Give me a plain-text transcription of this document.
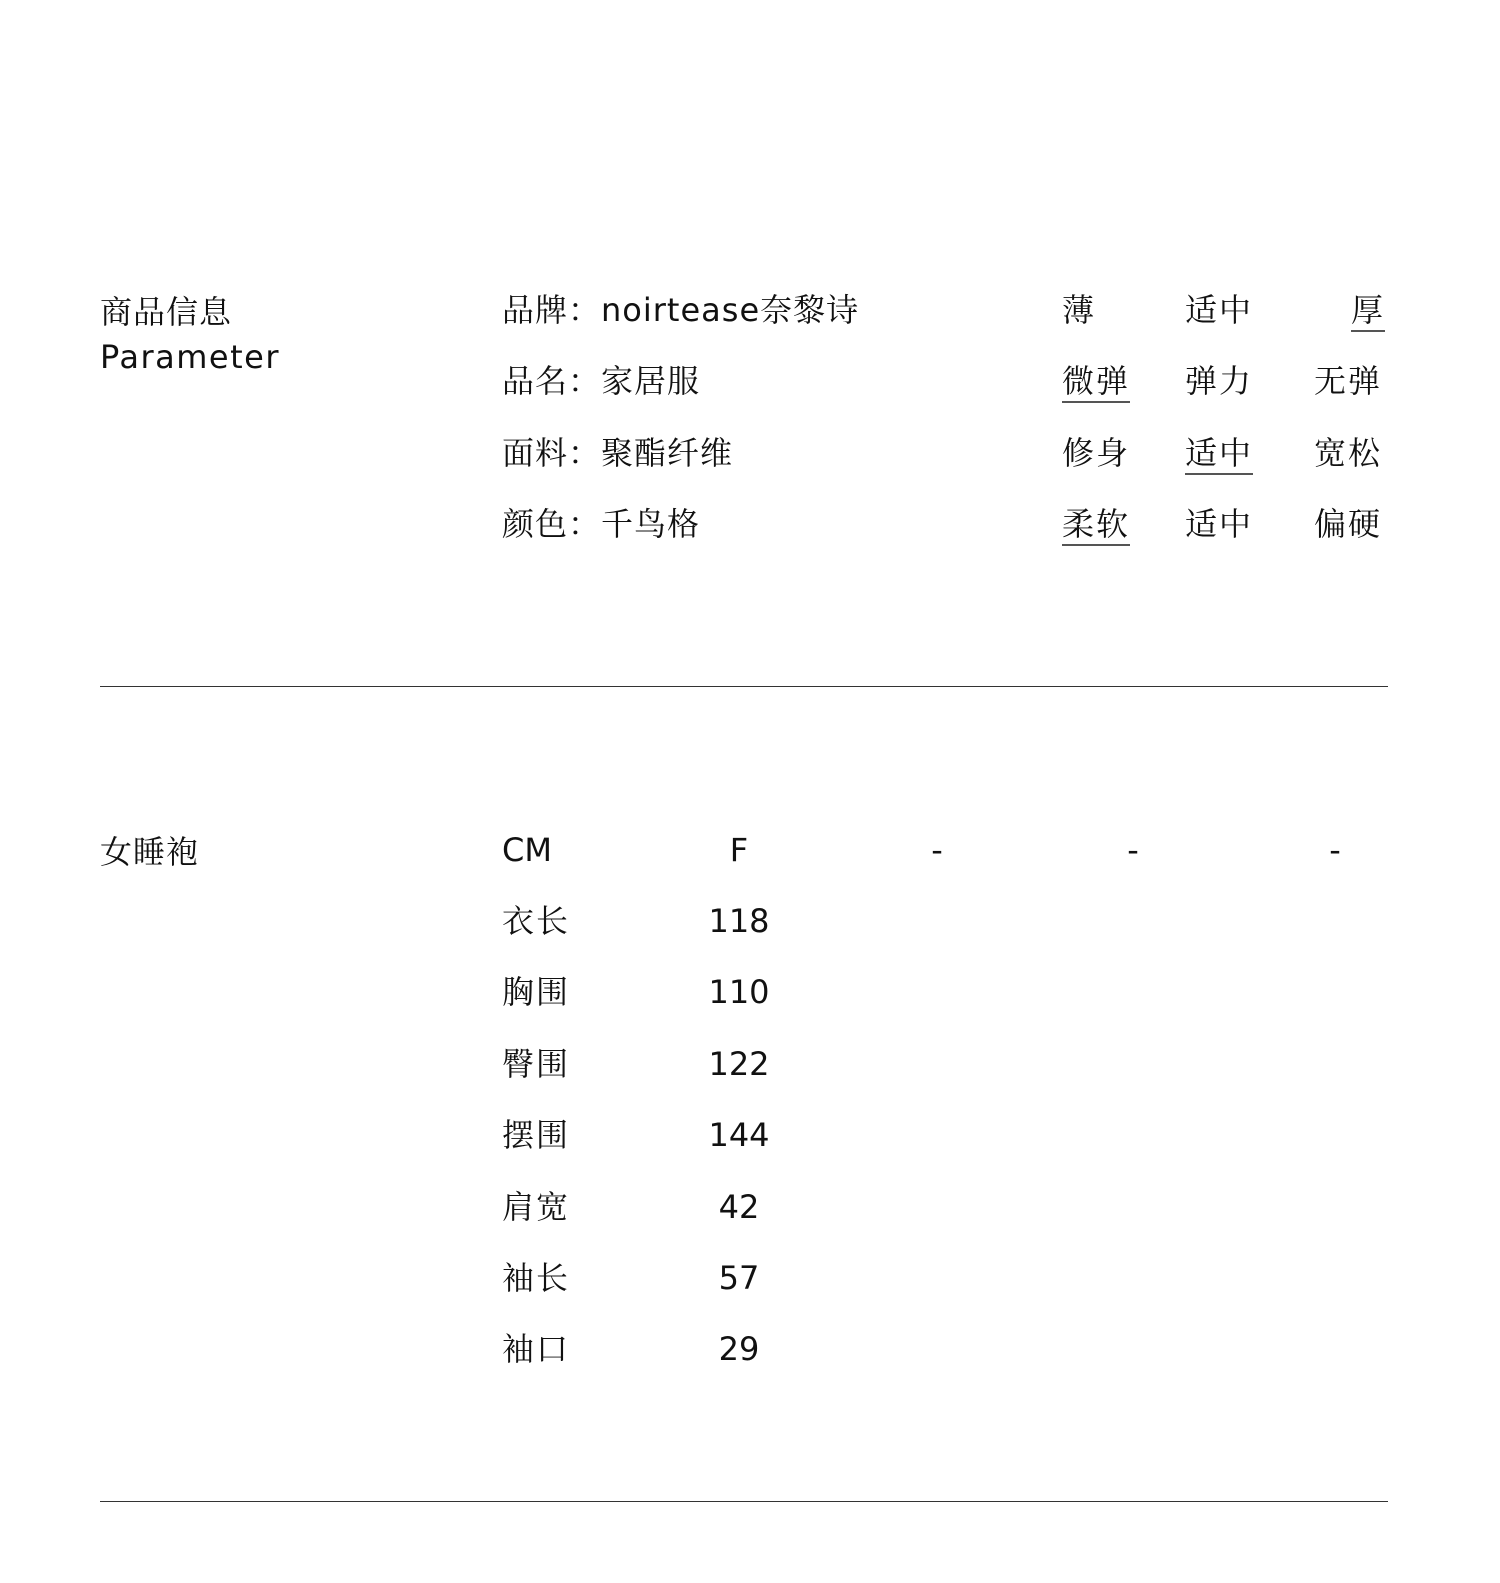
商品信息
Parameter
品牌：noirtease奈黎诗
品名：家居服
面料：聚酯纤维
颜色：千鸟格
薄	适中	厚
微弹 弹力 无弹
修身 适中 宽松
柔软 适中 偏硬
女睡袍	CM	F	-	-	-
衣长	118
胸围	110
臀围	122
摆围	144
肩宽	42
袖长	57
袖口	29
